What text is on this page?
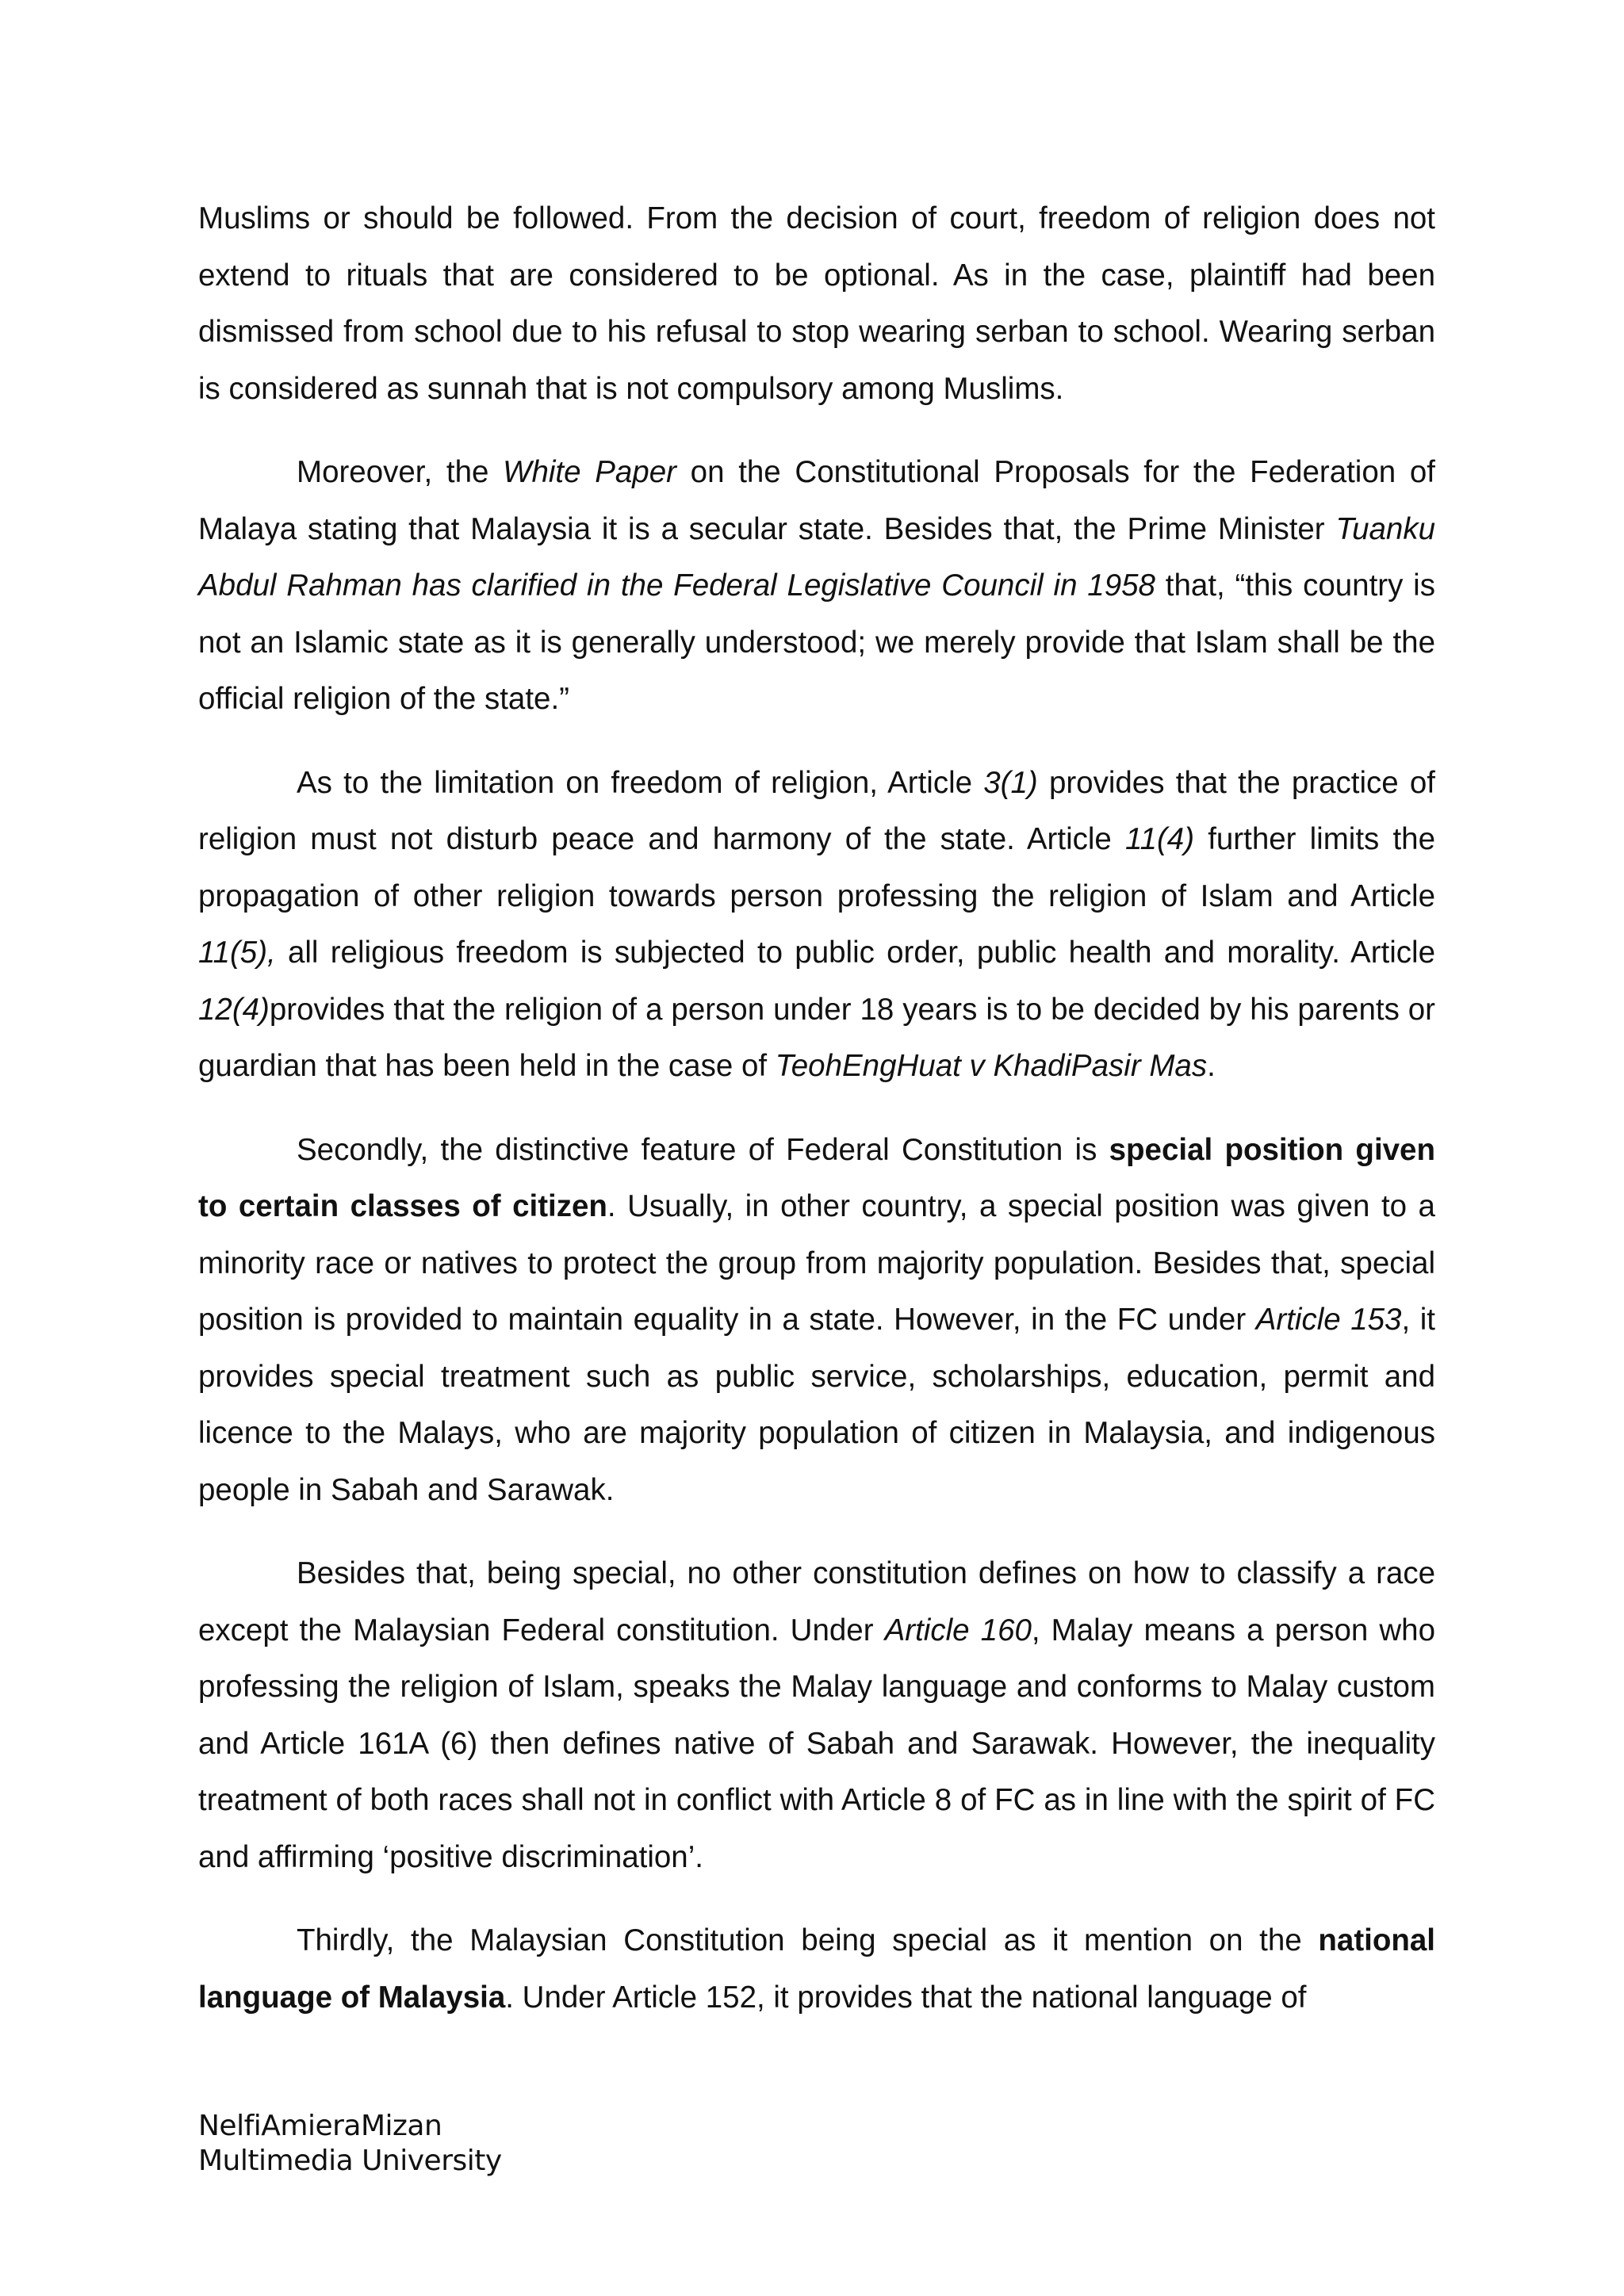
Muslims or should be followed. From the decision of court, freedom of religion does not extend to rituals that are considered to be optional. As in the case, plaintiff had been dismissed from school due to his refusal to stop wearing serban to school. Wearing serban is considered as sunnah that is not compulsory among Muslims.

Moreover, the White Paper on the Constitutional Proposals for the Federation of Malaya stating that Malaysia it is a secular state. Besides that, the Prime Minister Tuanku Abdul Rahman has clarified in the Federal Legislative Council in 1958 that, “this country is not an Islamic state as it is generally understood; we merely provide that Islam shall be the official religion of the state.”

As to the limitation on freedom of religion, Article 3(1) provides that the practice of religion must not disturb peace and harmony of the state. Article 11(4) further limits the propagation of other religion towards person professing the religion of Islam and Article 11(5), all religious freedom is subjected to public order, public health and morality. Article 12(4)provides that the religion of a person under 18 years is to be decided by his parents or guardian that has been held in the case of TeohEngHuat v KhadiPasir Mas.

Secondly, the distinctive feature of Federal Constitution is special position given to certain classes of citizen. Usually, in other country, a special position was given to a minority race or natives to protect the group from majority population. Besides that, special position is provided to maintain equality in a state. However, in the FC under Article 153, it provides special treatment such as public service, scholarships, education, permit and licence to the Malays, who are majority population of citizen in Malaysia, and indigenous people in Sabah and Sarawak.

Besides that, being special, no other constitution defines on how to classify a race except the Malaysian Federal constitution. Under Article 160, Malay means a person who professing the religion of Islam, speaks the Malay language and conforms to Malay custom and Article 161A (6) then defines native of Sabah and Sarawak. However, the inequality treatment of both races shall not in conflict with Article 8 of FC as in line with the spirit of FC and affirming ‘positive discrimination’.

Thirdly, the Malaysian Constitution being special as it mention on the national language of Malaysia. Under Article 152, it provides that the national language of

NelfiAmieraMizan
Multimedia University
